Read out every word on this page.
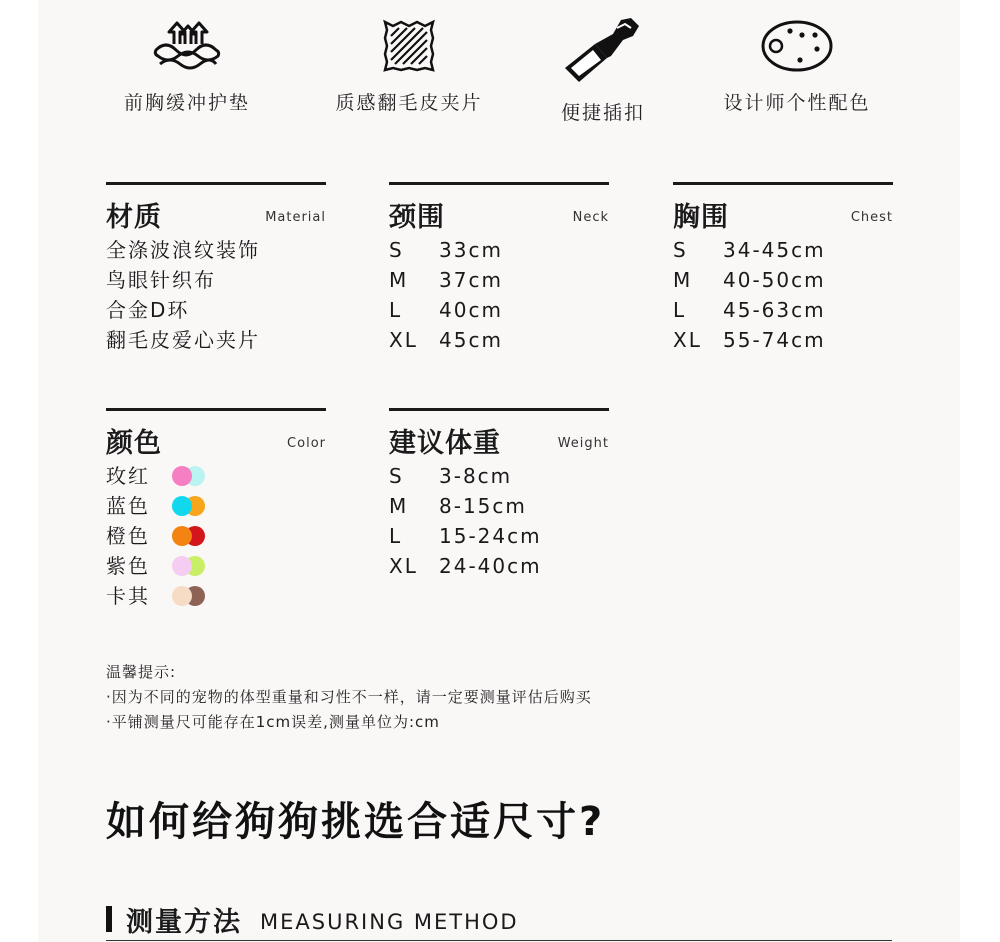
前胸缓冲护垫	质感翻毛皮夹片	便捷插扣	设计师个性配色
材质	Material
全涤波浪纹装饰
鸟眼针织布
合金D环
翻毛皮爱心夹片
颈围	Neck
S 33cm
M 37cm
L 40cm
XL 45cm
胸围	Chest
S 34-45cm
M 40-50cm
L 45-63cm
XL 55-74cm
颜色	Color
玫红
蓝色
橙色
紫色
卡其
建议体重	Weight
S 3-8cm
M 8-15cm
L 15-24cm
XL 24-40cm
温馨提示:
·因为不同的宠物的体型重量和习性不一样，请一定要测量评估后购买
·平铺测量尺可能存在1cm误差,测量单位为:cm
如何给狗狗挑选合适尺寸?
测量方法 MEASURING METHOD
